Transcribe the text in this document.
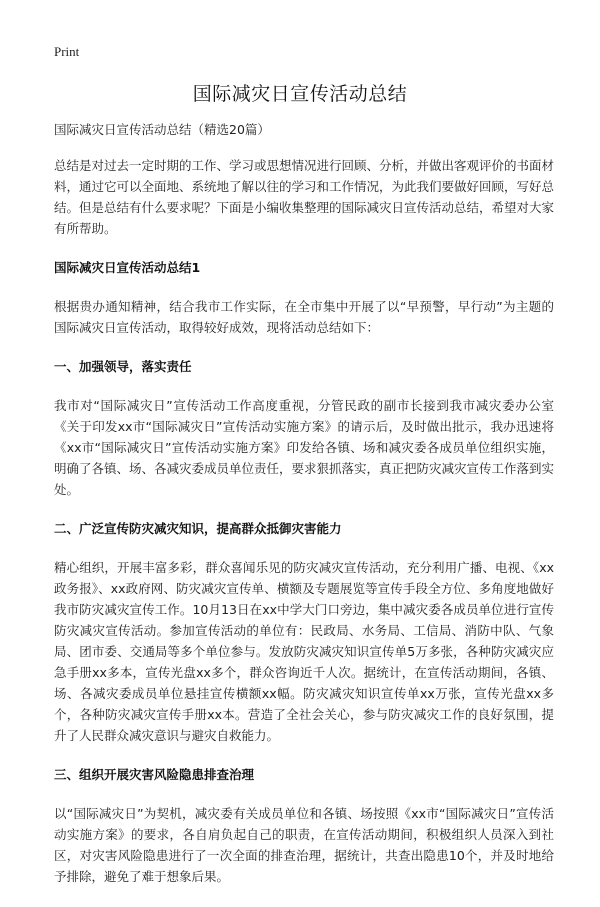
Print
国际减灾日宣传活动总结
国际减灾日宣传活动总结（精选20篇）

总结是对过去一定时期的工作、学习或思想情况进行回顾、分析，并做出客观评价的书面材料，通过它可以全面地、系统地了解以往的学习和工作情况，为此我们要做好回顾，写好总结。但是总结有什么要求呢？下面是小编收集整理的国际减灾日宣传活动总结，希望对大家有所帮助。

国际减灾日宣传活动总结1

根据贵办通知精神，结合我市工作实际，在全市集中开展了以“早预警，早行动”为主题的国际减灾日宣传活动，取得较好成效，现将活动总结如下：

一、加强领导，落实责任

我市对“国际减灾日”宣传活动工作高度重视，分管民政的副市长接到我市减灾委办公室《关于印发xx市“国际减灾日”宣传活动实施方案》的请示后，及时做出批示，我办迅速将《xx市“国际减灾日”宣传活动实施方案》印发给各镇、场和减灾委各成员单位组织实施，明确了各镇、场、各减灾委成员单位责任，要求狠抓落实，真正把防灾减灾宣传工作落到实处。

二、广泛宣传防灾减灾知识，提高群众抵御灾害能力

精心组织，开展丰富多彩，群众喜闻乐见的防灾减灾宣传活动，充分利用广播、电视、《xx政务报》、xx政府网、防灾减灾宣传单、横额及专题展览等宣传手段全方位、多角度地做好我市防灾减灾宣传工作。10月13日在xx中学大门口旁边，集中减灾委各成员单位进行宣传防灾减灾宣传活动。参加宣传活动的单位有：民政局、水务局、工信局、消防中队、气象局、团市委、交通局等多个单位参与。发放防灾减灾知识宣传单5万多张，各种防灾减灾应急手册xx多本，宣传光盘xx多个，群众咨询近千人次。据统计，在宣传活动期间，各镇、场、各减灾委成员单位悬挂宣传横额xx幅。防灾减灾知识宣传单xx万张，宣传光盘xx多个，各种防灾减灾宣传手册xx本。营造了全社会关心，参与防灾减灾工作的良好氛围，提升了人民群众减灾意识与避灾自救能力。

三、组织开展灾害风险隐患排查治理

以“国际减灾日”为契机，减灾委有关成员单位和各镇、场按照《xx市“国际减灾日”宣传活动实施方案》的要求，各自肩负起自己的职责，在宣传活动期间，积极组织人员深入到社区，对灾害风险隐患进行了一次全面的排查治理，据统计，共查出隐患10个，并及时地给予排除，避免了难于想象后果。
